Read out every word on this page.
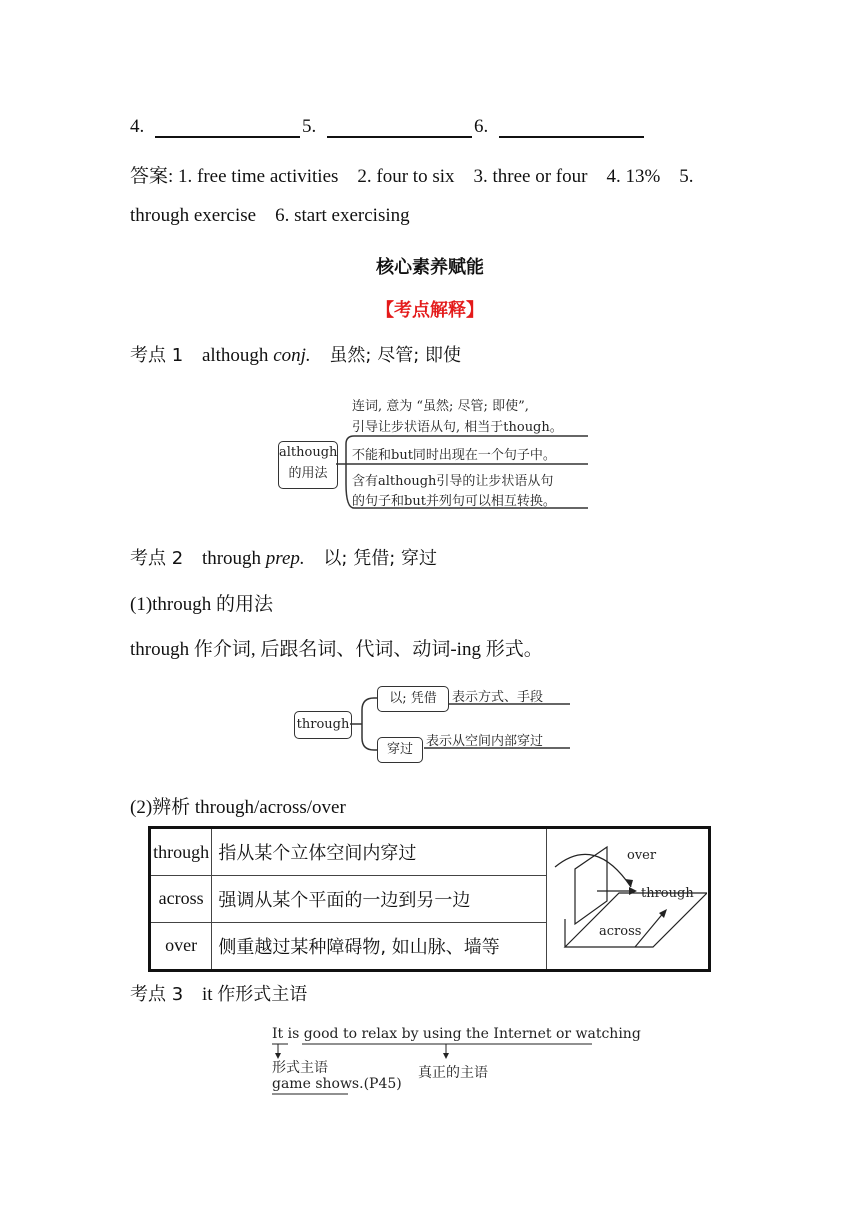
4.	5.	6.
答案: 1. free time activities    2. four to six    3. three or four    4. 13%    5.
through exercise    6. start exercising
核心素养赋能
【考点解释】
考点 1 although conj. 虽然; 尽管; 即使
although
的用法
连词, 意为 “虽然; 尽管; 即使”,
引导让步状语从句, 相当于though。
不能和but同时出现在一个句子中。
含有although引导的让步状语从句
的句子和but并列句可以相互转换。
考点 2 through prep. 以; 凭借; 穿过
(1)through 的用法
through 作介词, 后跟名词、代词、动词-ing 形式。
through
以; 凭借	表示方式、手段
穿过
表示从空间内部穿过
(2)辨析 through/across/over
through	指从某个立体空间内穿过	over
through
across

across	强调从某个平面的一边到另一边	
over	侧重越过某种障碍物, 如山脉、墙等	
考点 3 it 作形式主语
It is good to relax by using the Internet or watching
形式主语	真正的主语
game shows.(P45)
